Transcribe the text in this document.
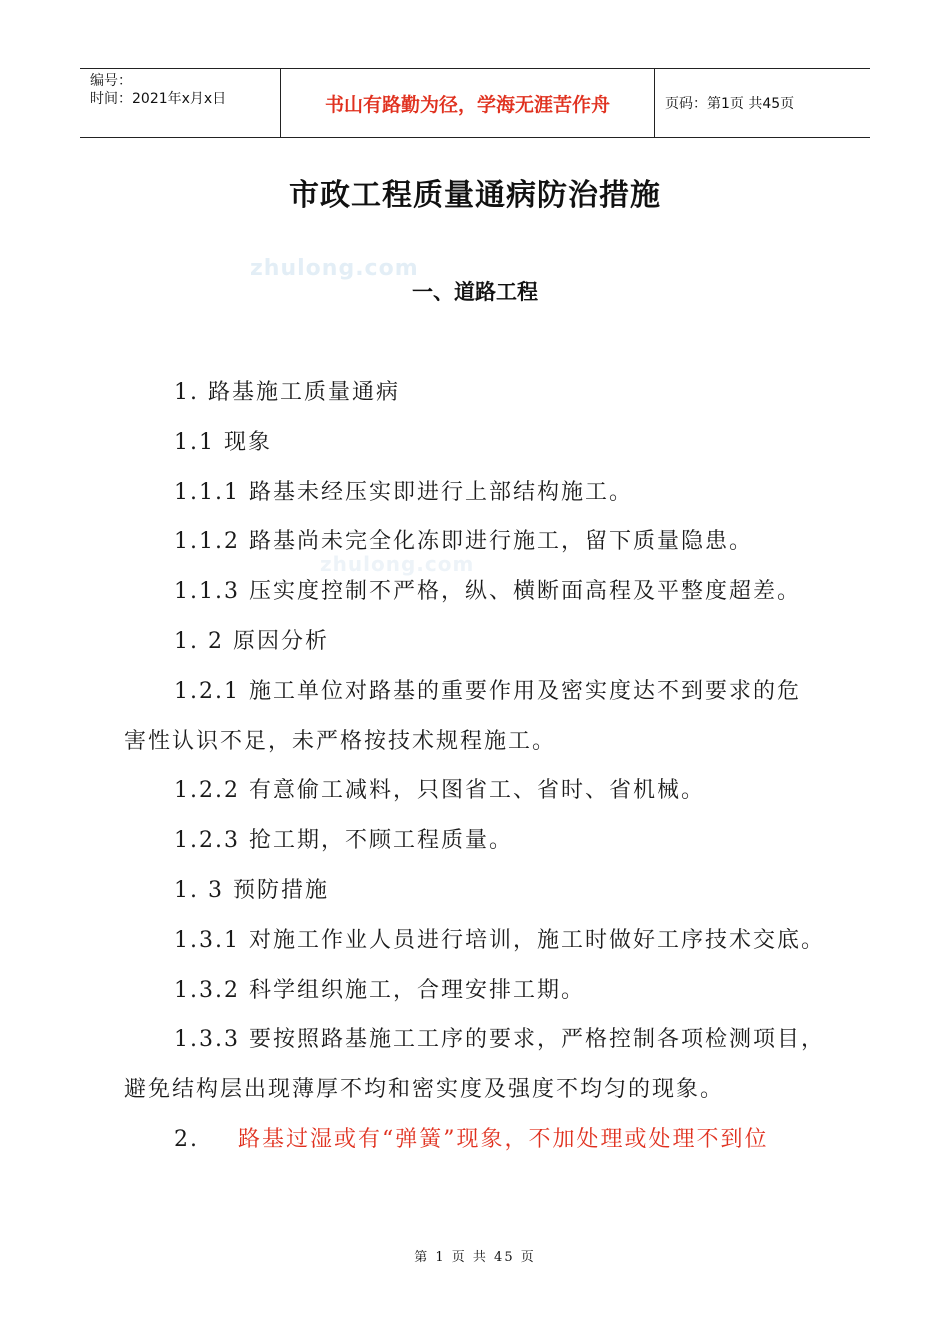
编号：
时间：2021年x月x日	书山有路勤为径，学海无涯苦作舟	页码：第1页 共45页
市政工程质量通病防治措施
zhulong.com
zhulong.com
一、道路工程

1. 路基施工质量通病

1.1 现象

1.1.1 路基未经压实即进行上部结构施工。

1.1.2 路基尚未完全化冻即进行施工，留下质量隐患。

1.1.3 压实度控制不严格，纵、横断面高程及平整度超差。

1. 2 原因分析

1.2.1 施工单位对路基的重要作用及密实度达不到要求的危

害性认识不足，未严格按技术规程施工。

1.2.2 有意偷工减料，只图省工、省时、省机械。

1.2.3 抢工期，不顾工程质量。

1. 3 预防措施

1.3.1 对施工作业人员进行培训，施工时做好工序技术交底。

1.3.2 科学组织施工，合理安排工期。

1.3.3 要按照路基施工工序的要求，严格控制各项检测项目，

避免结构层出现薄厚不均和密实度及强度不均匀的现象。

2. 路基过湿或有“弹簧”现象，不加处理或处理不到位

第 1 页 共 45 页
